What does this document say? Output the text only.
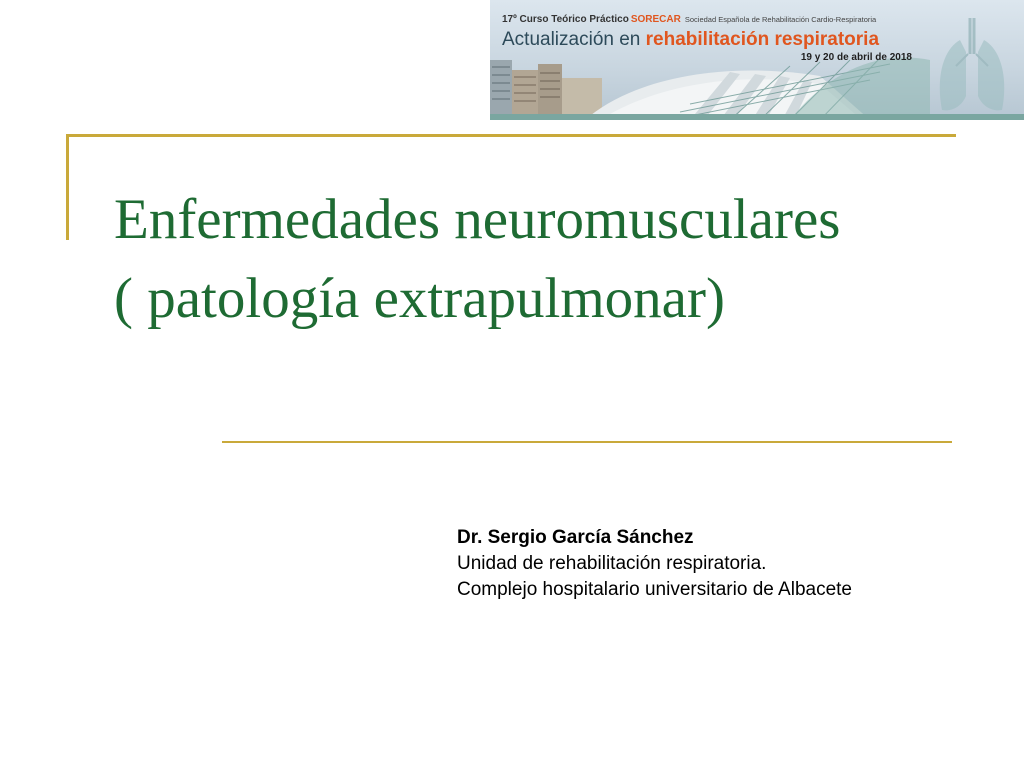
17º Curso Teórico Práctico SORECAR Sociedad Española de Rehabilitación Cardio-Respiratoria
Actualización en rehabilitación respiratoria
19 y 20 de abril de 2018
Enfermedades neuromusculares
( patología extrapulmonar)
Dr. Sergio García Sánchez
Unidad de rehabilitación respiratoria.
Complejo hospitalario universitario de Albacete
